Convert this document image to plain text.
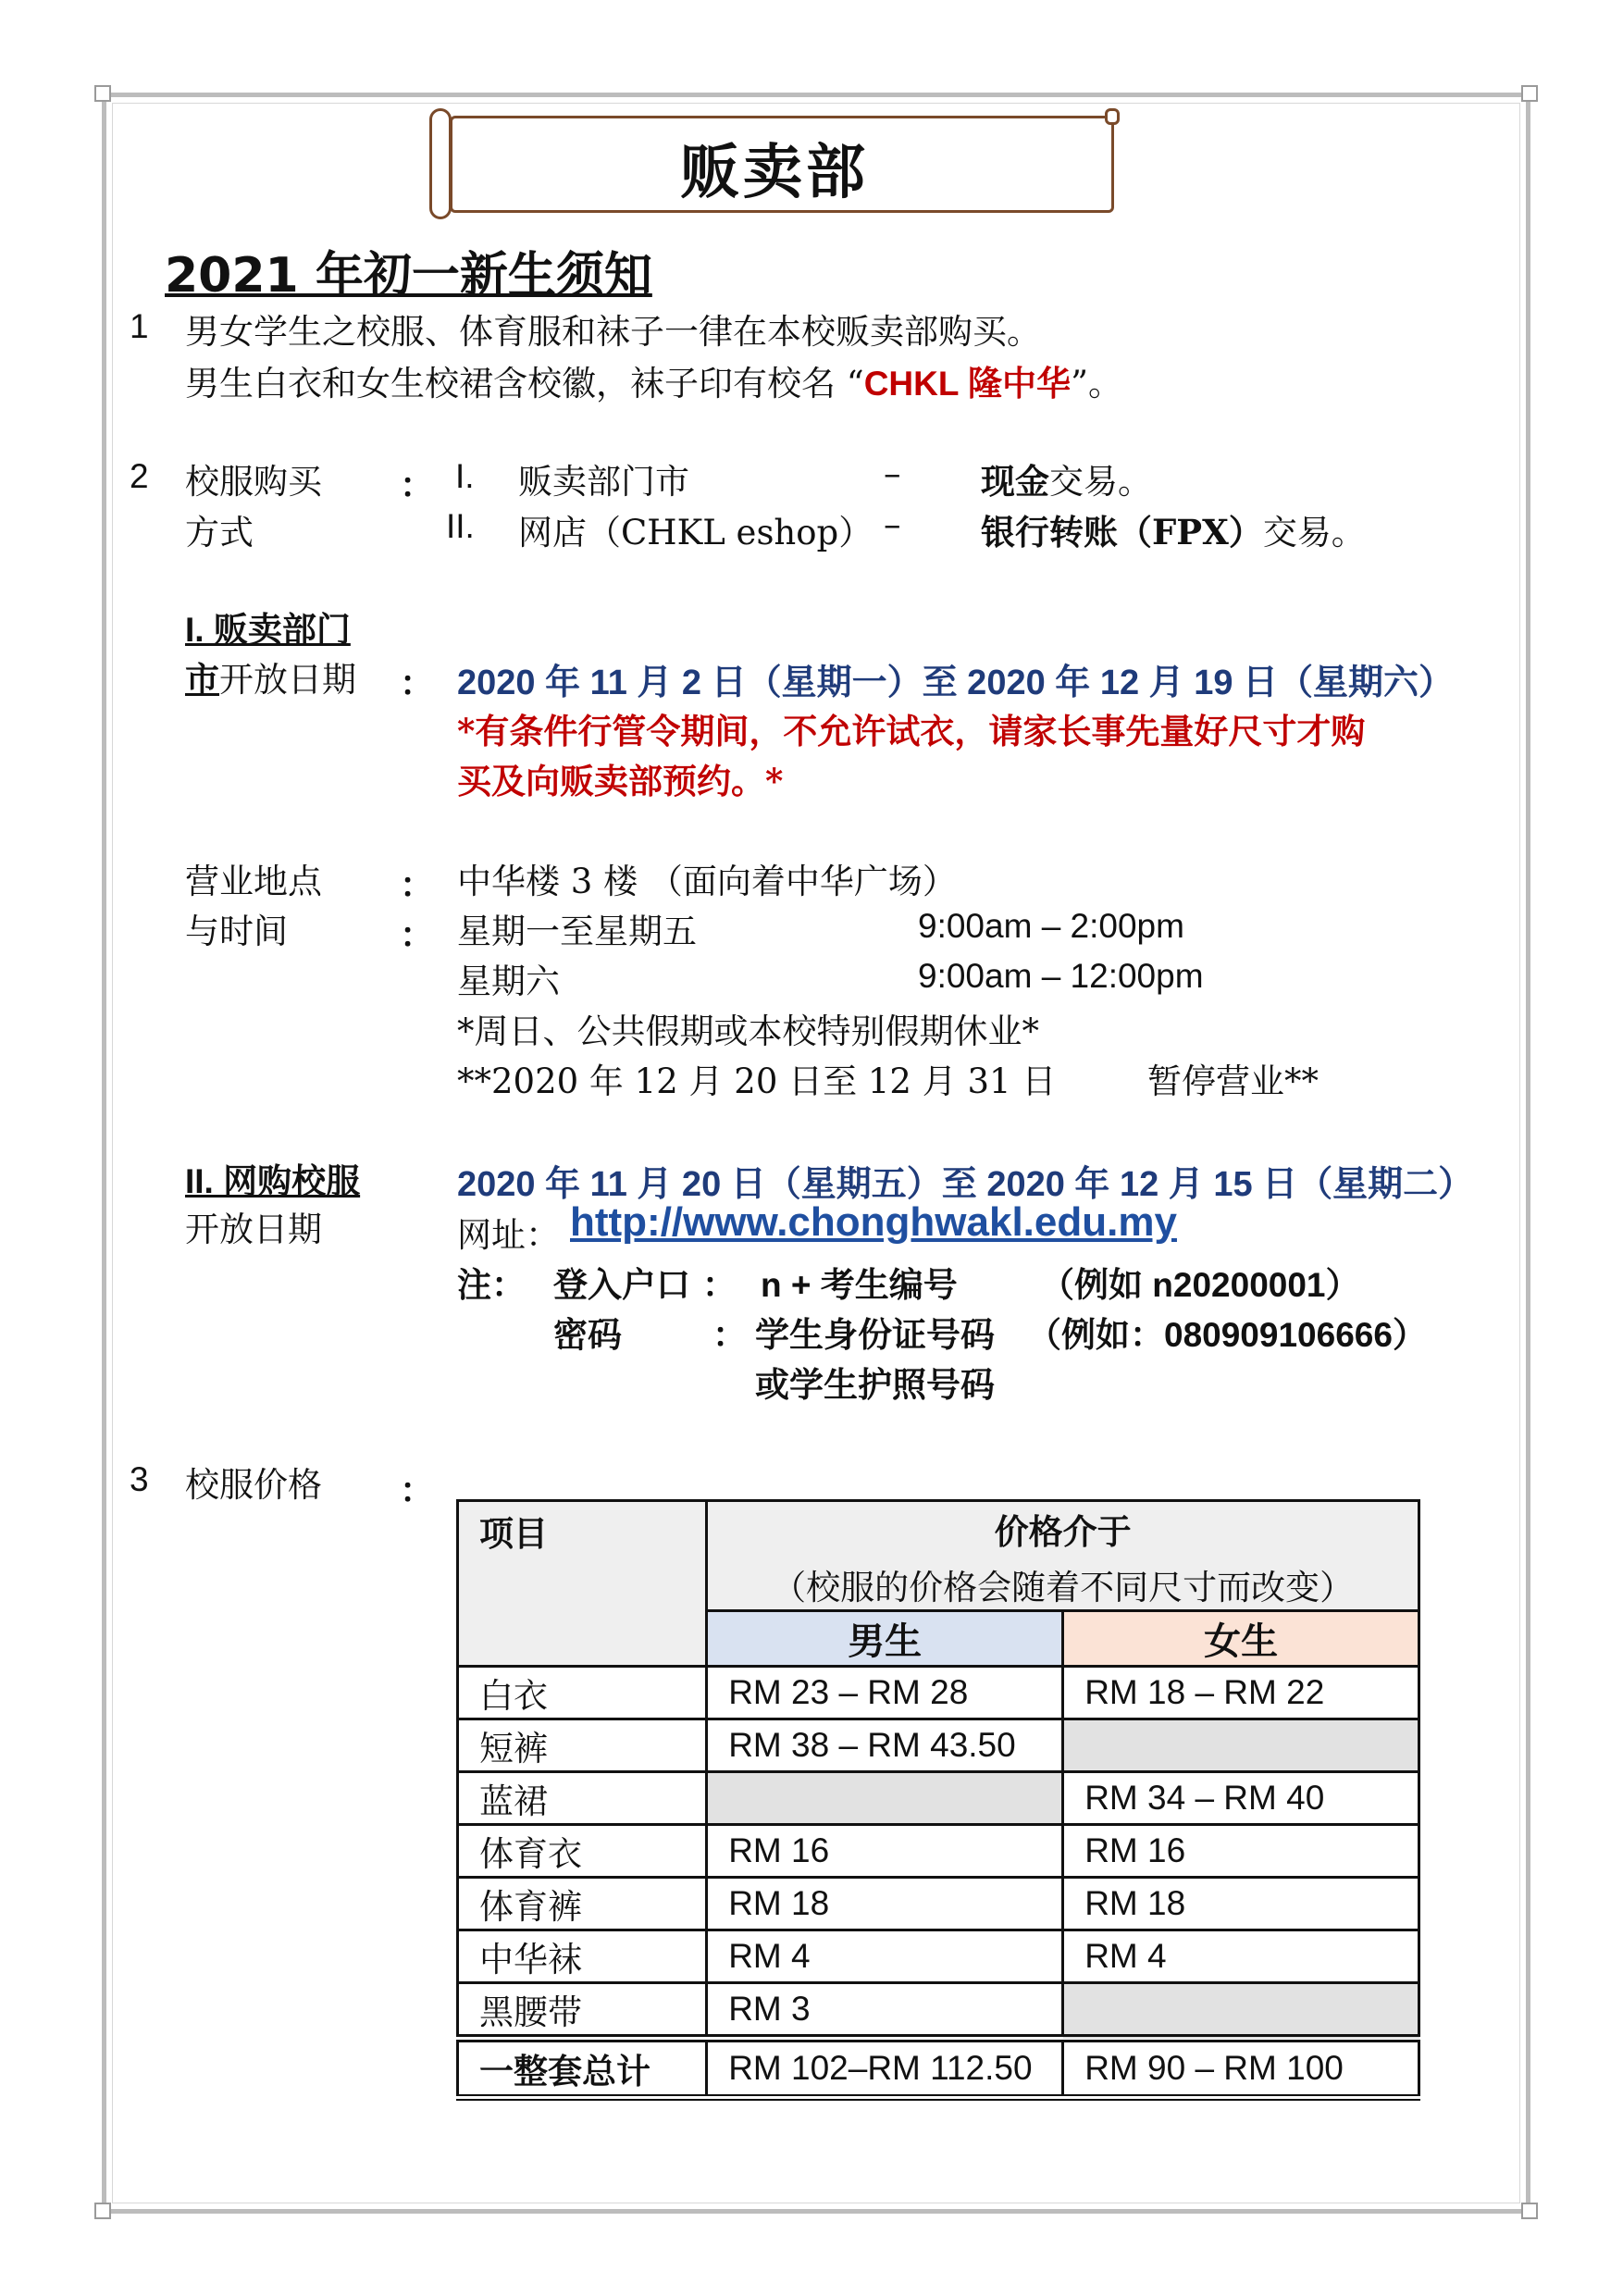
贩卖部
2021 年初一新生须知
1 男女学生之校服、体育服和袜子一律在本校贩卖部购买。
男生白衣和女生校裙含校徽，袜子印有校名 “CHKL 隆中华”。
2 校服购买
方式
： I. 贩卖部门市	– 现金交易。
II. 网店（CHKL eshop） – 银行转账（FPX）交易。
I. 贩卖部门
市开放日期 ： 2020 年 11 月 2 日（星期一）至 2020 年 12 月 19 日（星期六）
*有条件行管令期间，不允许试衣，请家长事先量好尺寸才购
买及向贩卖部预约。*
营业地点
与时间
：
：
中华楼 3 楼 （面向着中华广场）
星期一至星期五	9:00am – 2:00pm
星期六	9:00am – 12:00pm
*周日、公共假期或本校特别假期休业*
**2020 年 12 月 20 日至 12 月 31 日	暂停营业**
II. 网购校服
开放日期
2020 年 11 月 20 日（星期五）至 2020 年 12 月 15 日（星期二）
网址： http://www.chonghwakl.edu.my
注： 登入户口 ： n + 考生编号 （例如 n20200001）
密码	： 学生身份证号码 （例如：080909106666）
或学生护照号码
3 校服价格 ：
项目	价格介于
（校服的价格会随着不同尺寸而改变）	

	男生	女生
白衣	RM 23 – RM 28	RM 18 – RM 22
短裤	RM 38 – RM 43.50	
蓝裙		RM 34 – RM 40
体育衣	RM 16	RM 16
体育裤	RM 18	RM 18
中华袜	RM 4	RM 4
黑腰带	RM 3	
一整套总计	RM 102–RM 112.50	RM 90 – RM 100
